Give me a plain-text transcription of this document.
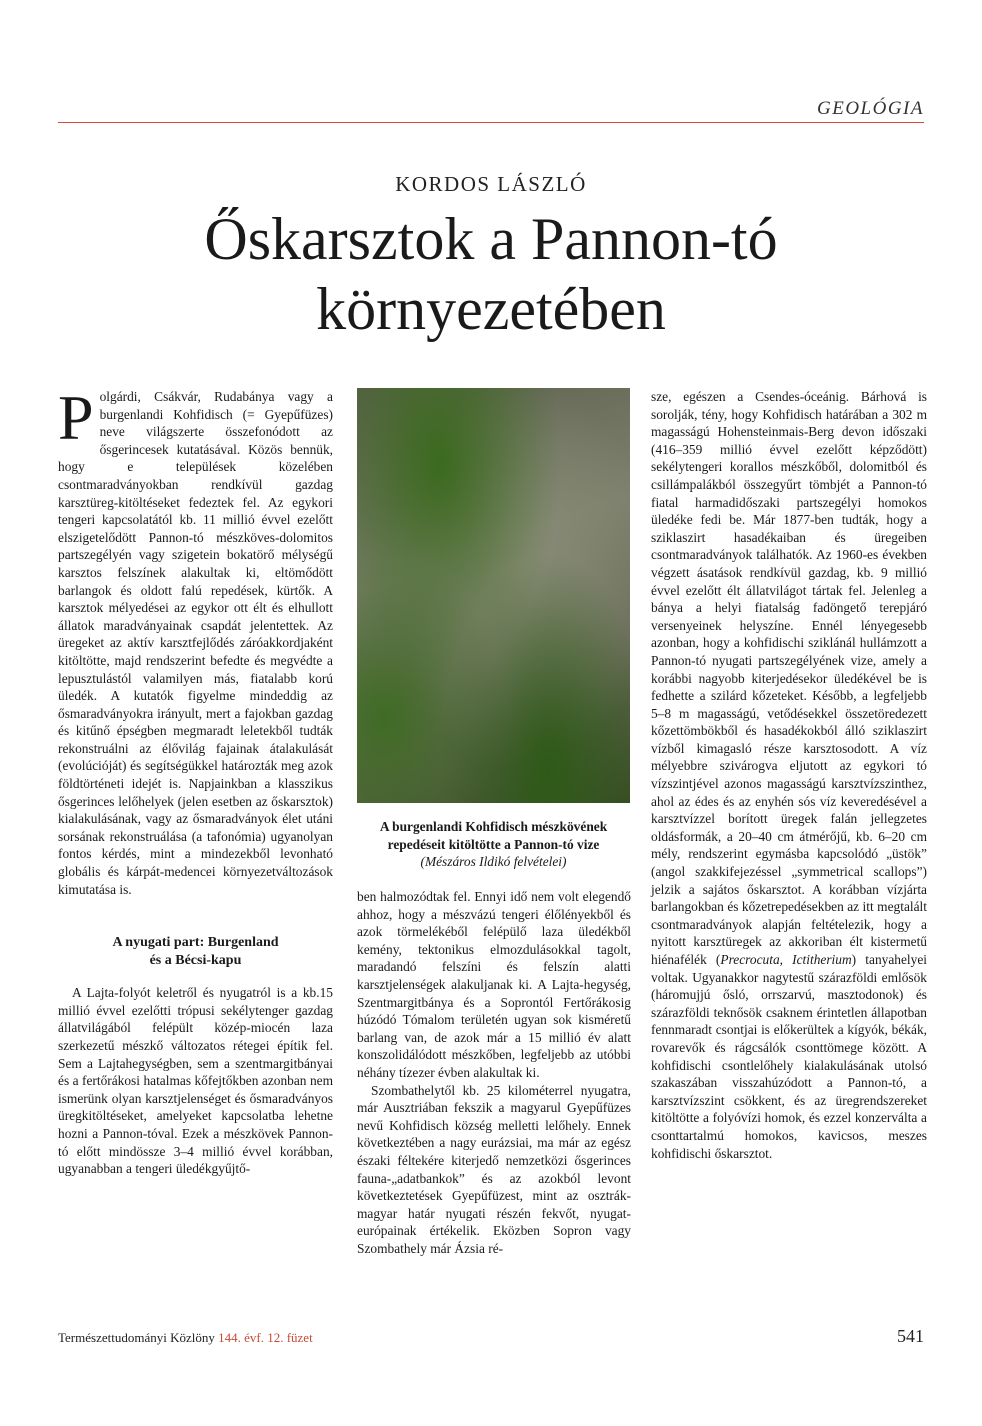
GEOLÓGIA
KORDOS LÁSZLÓ
Őskarsztok a Pannon-tó
környezetében

Polgárdi, Csákvár, Rudabánya vagy a burgenlandi Kohfidisch (= Gyepűfüzes) neve világszerte összefonódott az ősgerincesek kutatásával. Közös bennük, hogy e települések közelében csontmaradványokban rendkívül gazdag karsztüreg-kitöltéseket fedeztek fel. Az egykori tengeri kapcsolatától kb. 11 millió évvel ezelőtt elszigetelődött Pannon-tó mészköves-dolomitos partszegélyén vagy szigetein bokatörő mélységű karsztos felszínek alakultak ki, eltömődött barlangok és oldott falú repedések, kürtők. A karsztok mélyedései az egykor ott élt és elhullott állatok maradványainak csapdát jelentettek. Az üregeket az aktív karsztfejlődés záróakkordjaként kitöltötte, majd rendszerint befedte és megvédte a lepusztulástól valamilyen más, fiatalabb korú üledék. A kutatók figyelme mindeddig az ősmaradványokra irányult, mert a fajokban gazdag és kitűnő épségben megmaradt leletekből tudták rekonstruálni az élővilág fajainak átalakulását (evolúcióját) és segítségükkel határozták meg azok földtörténeti idejét is. Napjainkban a klasszikus ősgerinces lelőhelyek (jelen esetben az őskarsztok) kialakulásának, vagy az ősmaradványok élet utáni sorsának rekonstruálása (a tafonómia) ugyanolyan fontos kérdés, mint a mindezekből levonható globális és kárpát-medencei környezetváltozások kimutatása is.

A nyugati part: Burgenland
és a Bécsi-kapu

A Lajta-folyót keletről és nyugatról is a kb.15 millió évvel ezelőtti trópusi sekélytenger gazdag állatvilágából felépült közép-miocén laza szerkezetű mészkő változatos rétegei építik fel. Sem a Lajtahegységben, sem a szentmargitbányai és a fertőrákosi hatalmas kőfejtőkben azonban nem ismerünk olyan karsztjelenséget és ősmaradványos üregkitöltéseket, amelyeket kapcsolatba lehetne hozni a Pannon-tóval. Ezek a mészkövek Pannon-tó előtt mindössze 3–4 millió évvel korábban, ugyanabban a tengeri üledékgyűjtő-

A burgenlandi Kohfidisch mészkövének
repedéseit kitöltötte a Pannon-tó vize
(Mészáros Ildikó felvételei)

ben halmozódtak fel. Ennyi idő nem volt elegendő ahhoz, hogy a mészvázú tengeri élőlényekből és azok törmelékéből felépülő laza üledékből kemény, tektonikus elmozdulásokkal tagolt, maradandó felszíni és felszín alatti karsztjelenségek alakuljanak ki. A Lajta-hegység, Szentmargitbánya és a Soprontól Fertőrákosig húzódó Tómalom területén ugyan sok kisméretű barlang van, de azok már a 15 millió év alatt konszolidálódott mészkőben, legfeljebb az utóbbi néhány tízezer évben alakultak ki.

Szombathelytől kb. 25 kilométerrel nyugatra, már Ausztriában fekszik a magyarul Gyepűfüzes nevű Kohfidisch község melletti lelőhely. Ennek következtében a nagy eurázsiai, ma már az egész északi féltekére kiterjedő nemzetközi ősgerinces fauna-„adatbankok” és az azokból levont következtetések Gyepűfüzest, mint az osztrák-magyar határ nyugati részén fekvőt, nyugat-európainak értékelik. Eközben Sopron vagy Szombathely már Ázsia ré-

sze, egészen a Csendes-óceánig. Bárhová is sorolják, tény, hogy Kohfidisch határában a 302 m magasságú Hohensteinmais-Berg devon időszaki (416–359 millió évvel ezelőtt képződött) sekélytengeri korallos mészkőből, dolomitból és csillámpalákból összegyűrt tömbjét a Pannon-tó fiatal harmadidőszaki partszegélyi homokos üledéke fedi be. Már 1877-ben tudták, hogy a sziklaszirt hasadékaiban és üregeiben csontmaradványok találhatók. Az 1960-es években végzett ásatások rendkívül gazdag, kb. 9 millió évvel ezelőtt élt állatvilágot tártak fel. Jelenleg a bánya a helyi fiatalság fadöngető terepjáró versenyeinek helyszíne. Ennél lényegesebb azonban, hogy a kohfidischi sziklánál hullámzott a Pannon-tó nyugati partszegélyének vize, amely a korábbi nagyobb kiterjedésekor üledékével be is fedhette a szilárd kőzeteket. Később, a legfeljebb 5–8 m magasságú, vetődésekkel összetöredezett kőzettömbökből és hasadékokból álló sziklaszirt vízből kimagasló része karsztosodott. A víz mélyebbre szivárogva eljutott az egykori tó vízszintjével azonos magasságú karsztvízszinthez, ahol az édes és az enyhén sós víz keveredésével a karsztvízzel borított üregek falán jellegzetes oldásformák, a 20–40 cm átmérőjű, kb. 6–20 cm mély, rendszerint egymásba kapcsolódó „üstök” (angol szakkifejezéssel „symmetrical scallops”) jelzik a sajátos őskarsztot. A korábban vízjárta barlangokban és kőzetrepedésekben az itt megtalált csontmaradványok alapján feltételezik, hogy a nyitott karsztüregek az akkoriban élt kistermetű hiénafélék (Precrocuta, Ictitherium) tanyahelyei voltak. Ugyanakkor nagytestű szárazföldi emlősök (háromujjú ősló, orrszarvú, masztodonok) és szárazföldi teknősök csaknem érintetlen állapotban fennmaradt csontjai is előkerültek a kígyók, békák, rovarevők és rágcsálók csonttömege között. A kohfidischi csontlelőhely kialakulásának utolsó szakaszában visszahúzódott a Pannon-tó, a karsztvízszint csökkent, és az üregrendszereket kitöltötte a folyóvízi homok, és ezzel konzerválta a csonttartalmú homokos, kavicsos, meszes kohfidischi őskarsztot.

Természettudományi Közlöny 144. évf. 12. füzet	541
